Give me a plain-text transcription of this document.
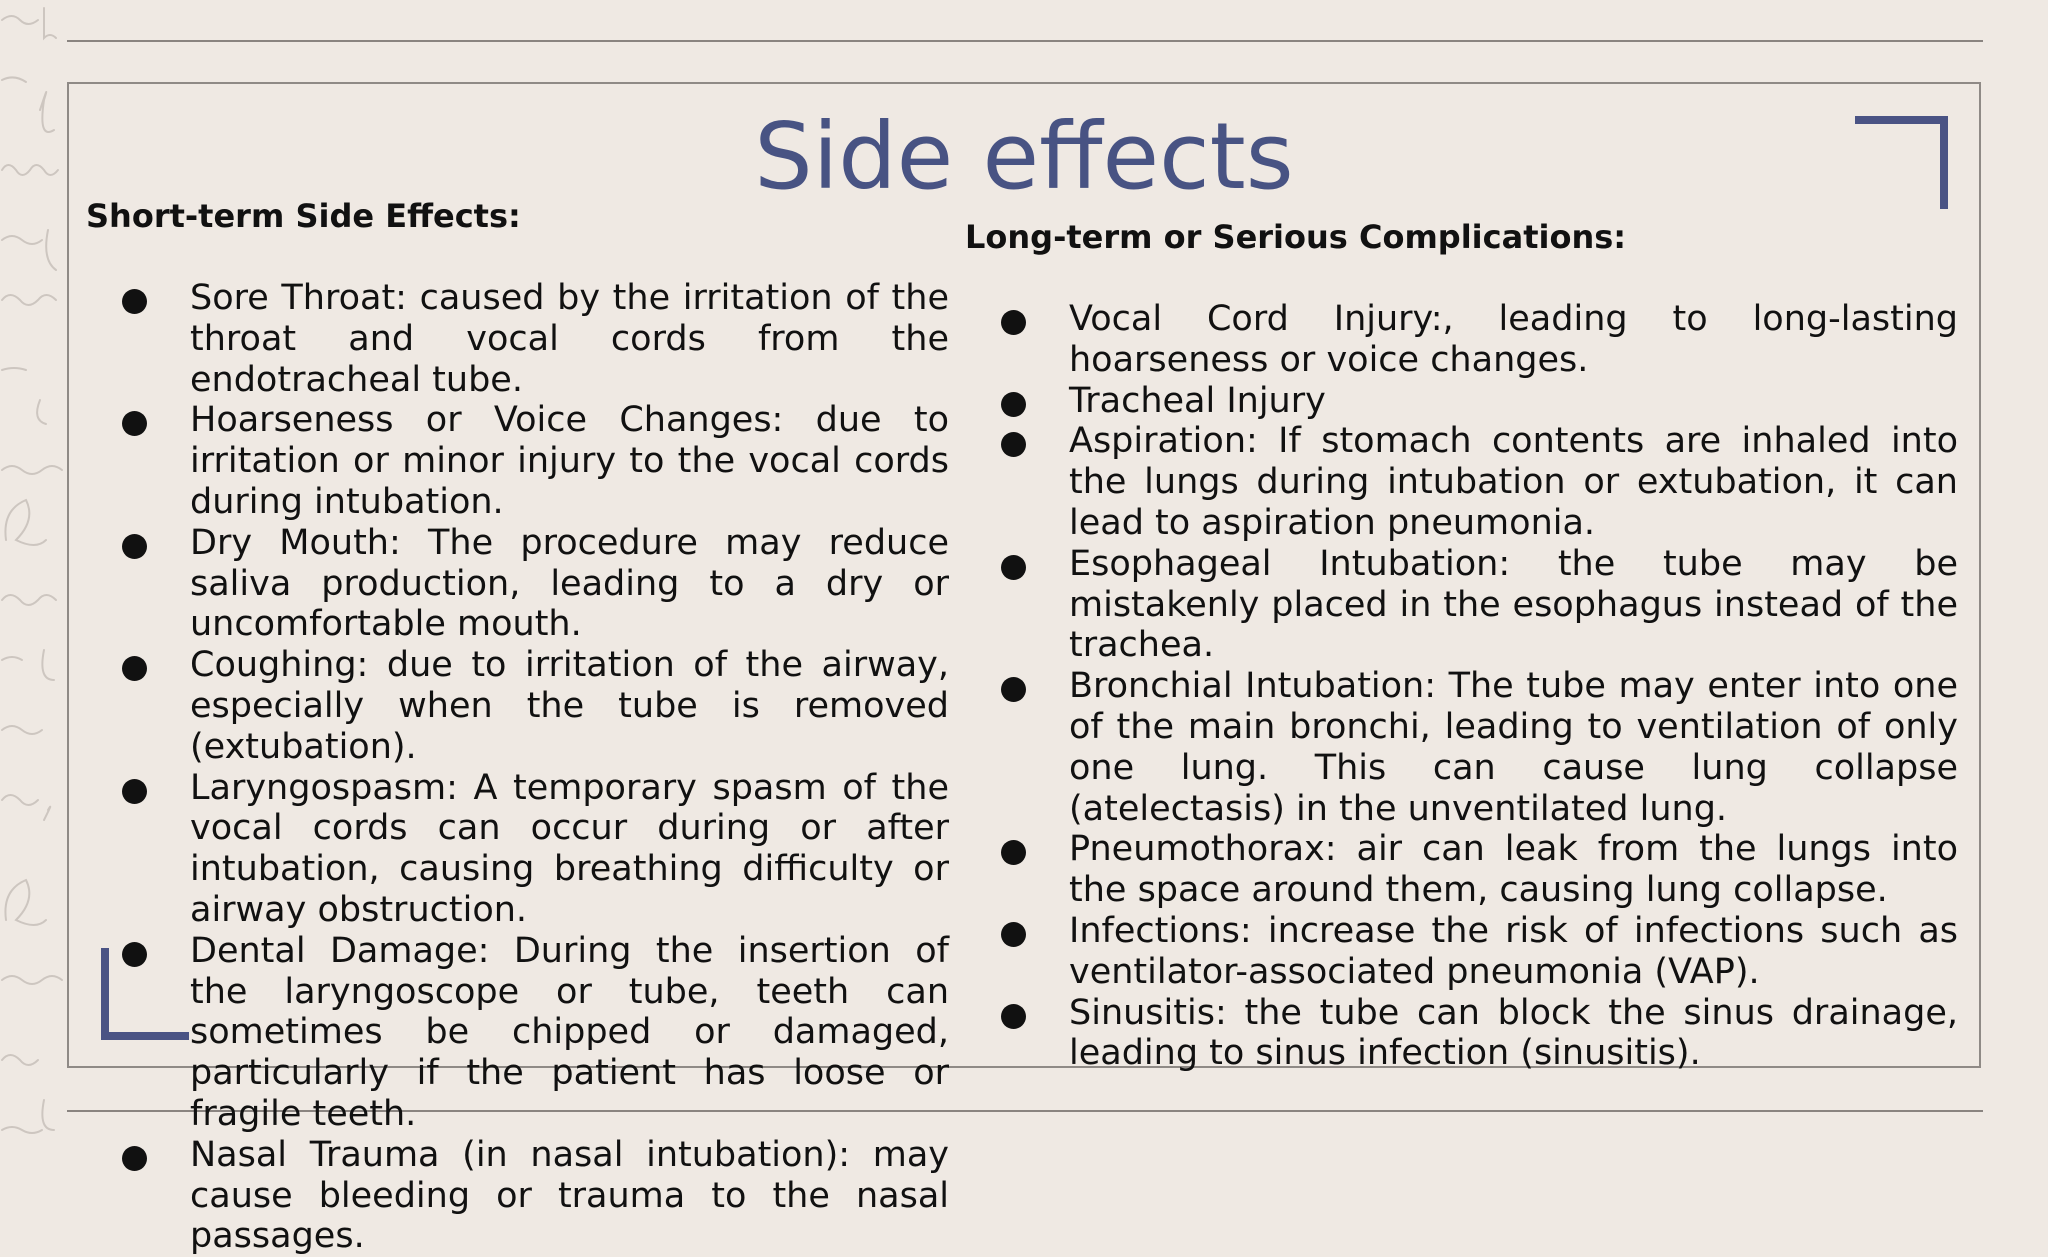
Side effects
Short-term Side Effects:
Sore Throat: caused by the irritation of the throat and vocal cords from the endotracheal tube.
Hoarseness or Voice Changes: due to irritation or minor injury to the vocal cords during intubation.
Dry Mouth: The procedure may reduce saliva production, leading to a dry or uncomfortable mouth.
Coughing: due to irritation of the airway, especially when the tube is removed (extubation).
Laryngospasm: A temporary spasm of the vocal cords can occur during or after intubation, causing breathing difficulty or airway obstruction.
Dental Damage: During the insertion of the laryngoscope or tube, teeth can sometimes be chipped or damaged, particularly if the patient has loose or fragile teeth.
Nasal Trauma (in nasal intubation): may cause bleeding or trauma to the nasal passages.
Long-term or Serious Complications:
Vocal Cord Injury:, leading to long-lasting hoarseness or voice changes.
Tracheal Injury
Aspiration: If stomach contents are inhaled into the lungs during intubation or extubation, it can lead to aspiration pneumonia.
Esophageal Intubation: the tube may be mistakenly placed in the esophagus instead of the trachea.
Bronchial Intubation: The tube may enter into one of the main bronchi, leading to ventilation of only one lung. This can cause lung collapse (atelectasis) in the unventilated lung.
Pneumothorax: air can leak from the lungs into the space around them, causing lung collapse.
Infections: increase the risk of infections such as ventilator-associated pneumonia (VAP).
Sinusitis: the tube can block the sinus drainage, leading to sinus infection (sinusitis).
